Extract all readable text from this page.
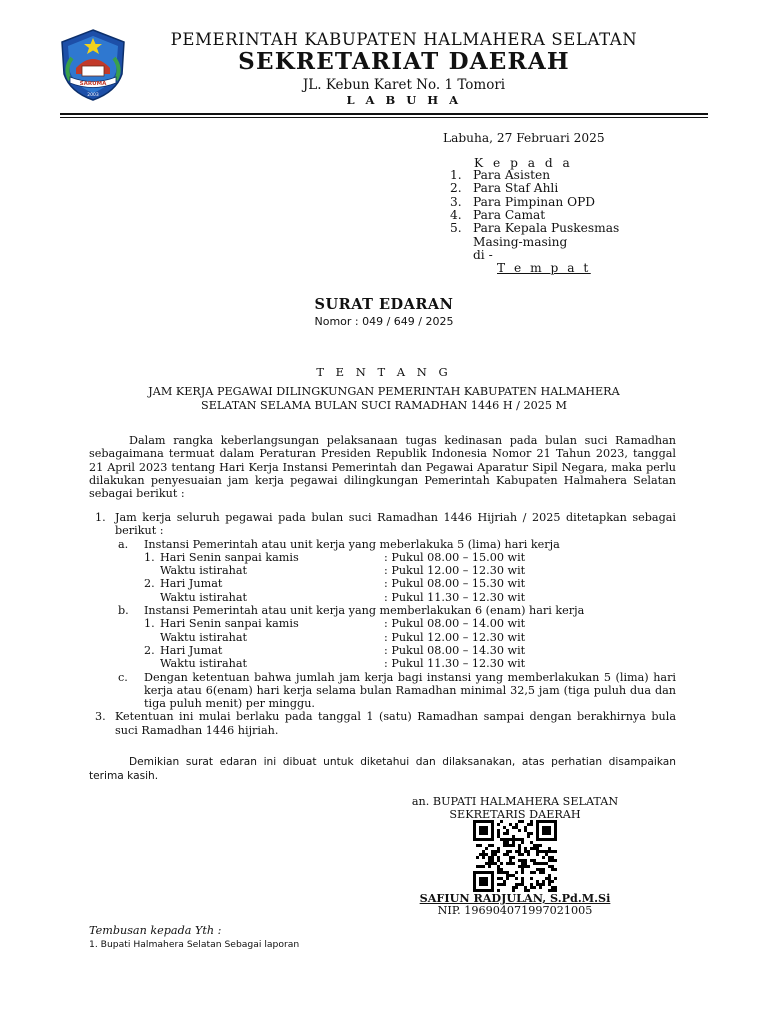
SARUMA
2003
PEMERINTAH KABUPATEN HALMAHERA SELATAN
SEKRETARIAT DAERAH
JL. Kebun Karet No. 1 Tomori
L A B U H A
Labuha, 27 Februari 2025
K e p a d a
1. Para Asisten
2. Para Staf Ahli
3. Para Pimpinan OPD
4. Para Camat
5. Para Kepala Puskesmas
Masing-masing
di -
T e m p a t
SURAT EDARAN
Nomor : 049 / 649 / 2025
T E N T A N G
JAM KERJA PEGAWAI DILINGKUNGAN PEMERINTAH KABUPATEN HALMAHERA
SELATAN SELAMA BULAN SUCI RAMADHAN 1446 H / 2025 M
Dalam rangka keberlangsungan pelaksanaan tugas kedinasan pada bulan suci Ramadhan sebagaimana termuat dalam Peraturan Presiden Republik Indonesia Nomor 21 Tahun 2023, tanggal 21 April 2023 tentang Hari Kerja Instansi Pemerintah dan Pegawai Aparatur Sipil Negara, maka perlu dilakukan penyesuaian jam kerja pegawai dilingkungan Pemerintah Kabupaten Halmahera Selatan sebagai berikut :
1. Jam kerja seluruh pegawai pada bulan suci Ramadhan 1446 Hijriah / 2025 ditetapkan sebagai berikut :
a.	Instansi Pemerintah atau unit kerja yang meberlakuka 5 (lima) hari kerja
1. Hari Senin sanpai kamis	: Pukul 08.00 – 15.00 wit
Waktu istirahat	: Pukul 12.00 – 12.30 wit
2. Hari Jumat	: Pukul 08.00 – 15.30 wit
Waktu istirahat	: Pukul 11.30 – 12.30 wit
b.	Instansi Pemerintah atau unit kerja yang memberlakukan 6 (enam) hari kerja
1. Hari Senin sanpai kamis	: Pukul 08.00 – 14.00 wit
Waktu istirahat	: Pukul 12.00 – 12.30 wit
2. Hari Jumat	: Pukul 08.00 – 14.30 wit
Waktu istirahat	: Pukul 11.30 – 12.30 wit
c.	Dengan ketentuan bahwa jumlah jam kerja bagi instansi yang memberlakukan 5 (lima) hari kerja atau 6(enam) hari kerja selama bulan Ramadhan minimal 32,5 jam (tiga puluh dua dan tiga puluh menit) per minggu.
3. Ketentuan ini mulai berlaku pada tanggal 1 (satu) Ramadhan sampai dengan berakhirnya bula suci Ramadhan 1446 hijriah.
Demikian surat edaran ini dibuat untuk diketahui dan dilaksanakan, atas perhatian disampaikan terima kasih.
an. BUPATI HALMAHERA SELATAN
SEKRETARIS DAERAH
SAFIUN RADJULAN, S.Pd.M.Si
NIP. 196904071997021005
Tembusan kepada Yth :
1. Bupati Halmahera Selatan Sebagai laporan
